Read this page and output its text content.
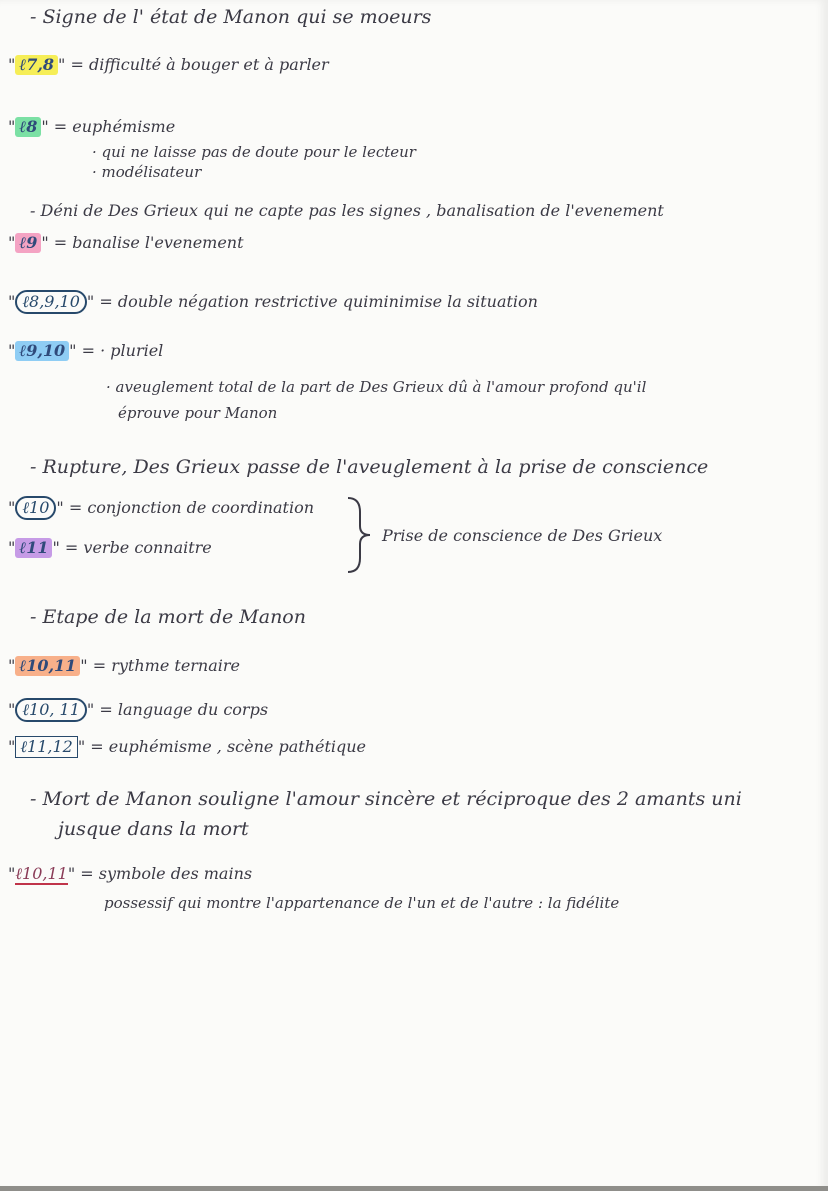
- Signe de l' état de Manon qui se moeurs
" ℓ7,8 " = difficulté à bouger et à parler
" ℓ8 " = euphémisme
· qui ne laisse pas de doute pour le lecteur
· modélisateur
- Déni de Des Grieux qui ne capte pas les signes , banalisation de l'evenement
" ℓ9 " = banalise l'evenement
" ℓ8,9,10 " = double négation restrictive quiminimise la situation
" ℓ9,10 " = · pluriel
· aveuglement total de la part de Des Grieux dû à l'amour profond qu'il
éprouve pour Manon
- Rupture, Des Grieux passe de l'aveuglement à la prise de conscience
" ℓ10 " = conjonction de coordination
" ℓ11 " = verbe connaitre
Prise de conscience de Des Grieux
- Etape de la mort de Manon
" ℓ10,11 " = rythme ternaire
" ℓ10, 11 " = language du corps
" ℓ11,12 " = euphémisme , scène pathétique
- Mort de Manon souligne l'amour sincère et réciproque des 2 amants uni
jusque dans la mort
"ℓ10,11" = symbole des mains
possessif qui montre l'appartenance de l'un et de l'autre : la fidélite
